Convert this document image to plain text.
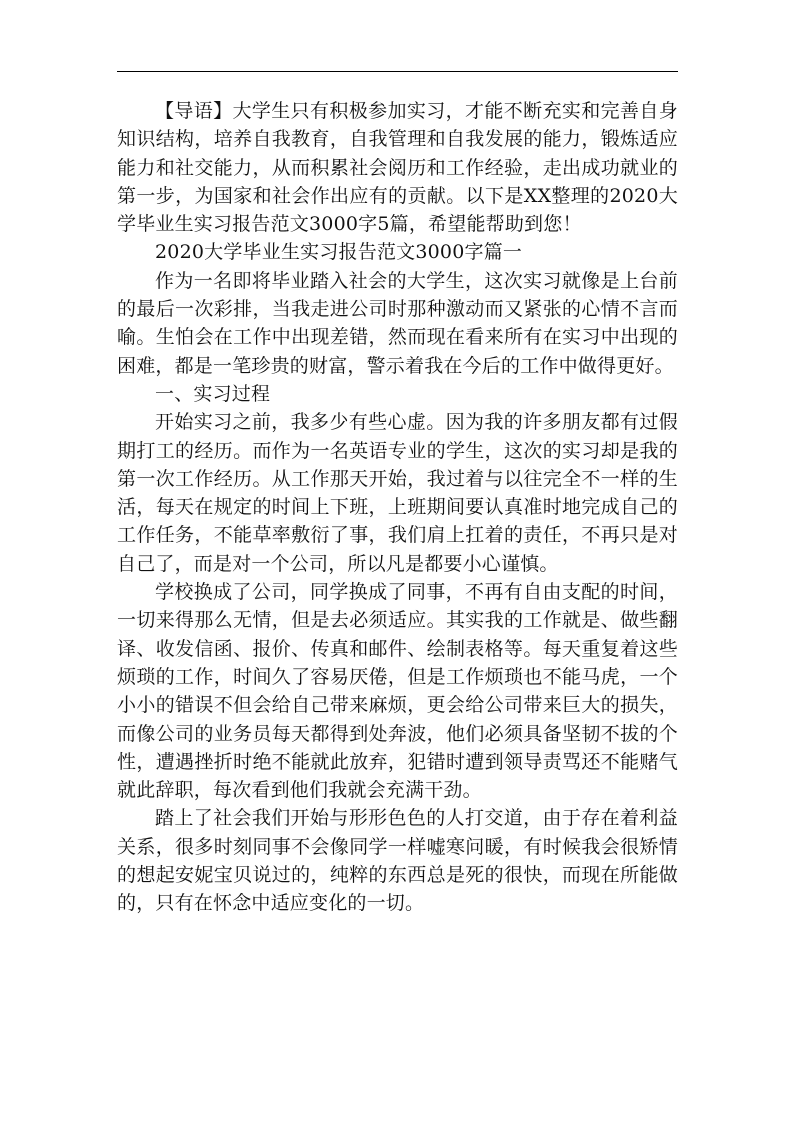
【导语】大学生只有积极参加实习，才能不断充实和完善自身知识结构，培养自我教育，自我管理和自我发展的能力，锻炼适应能力和社交能力，从而积累社会阅历和工作经验，走出成功就业的第一步，为国家和社会作出应有的贡献。以下是XX整理的2020大学毕业生实习报告范文3000字5篇，希望能帮助到您！

2020大学毕业生实习报告范文3000字篇一

作为一名即将毕业踏入社会的大学生，这次实习就像是上台前的最后一次彩排，当我走进公司时那种激动而又紧张的心情不言而喻。生怕会在工作中出现差错，然而现在看来所有在实习中出现的困难，都是一笔珍贵的财富，警示着我在今后的工作中做得更好。

一、实习过程

开始实习之前，我多少有些心虚。因为我的许多朋友都有过假期打工的经历。而作为一名英语专业的学生，这次的实习却是我的第一次工作经历。从工作那天开始，我过着与以往完全不一样的生活，每天在规定的时间上下班，上班期间要认真准时地完成自己的工作任务，不能草率敷衍了事，我们肩上扛着的责任，不再只是对自己了，而是对一个公司，所以凡是都要小心谨慎。

学校换成了公司，同学换成了同事，不再有自由支配的时间，一切来得那么无情，但是去必须适应。其实我的工作就是、做些翻译、收发信函、报价、传真和邮件、绘制表格等。每天重复着这些烦琐的工作，时间久了容易厌倦，但是工作烦琐也不能马虎，一个小小的错误不但会给自己带来麻烦，更会给公司带来巨大的损失，而像公司的业务员每天都得到处奔波，他们必须具备坚韧不拔的个性，遭遇挫折时绝不能就此放弃，犯错时遭到领导责骂还不能赌气就此辞职，每次看到他们我就会充满干劲。

踏上了社会我们开始与形形色色的人打交道，由于存在着利益关系，很多时刻同事不会像同学一样嘘寒问暖，有时候我会很矫情的想起安妮宝贝说过的，纯粹的东西总是死的很快，而现在所能做的，只有在怀念中适应变化的一切。
